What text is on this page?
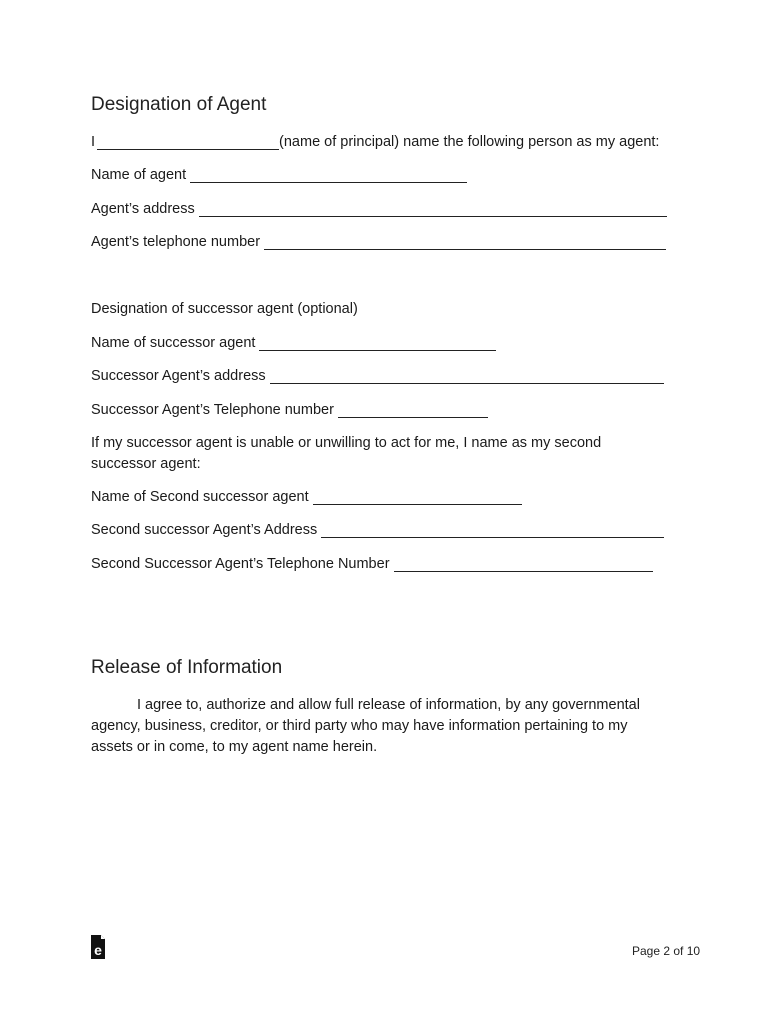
Designation of Agent
I	(name of principal) name the following person as my agent:
Name of agent
Agent’s address
Agent’s telephone number
Designation of successor agent (optional)
Name of successor agent
Successor Agent’s address
Successor Agent’s Telephone number
If my successor agent is unable or unwilling to act for me, I name as my second
successor agent:
Name of Second successor agent
Second successor Agent’s Address
Second Successor Agent’s Telephone Number
Release of Information
I agree to, authorize and allow full release of information, by any governmental
agency, business, creditor, or third party who may have information pertaining to my
assets or in come, to my agent name herein.
e	Page 2 of 10
